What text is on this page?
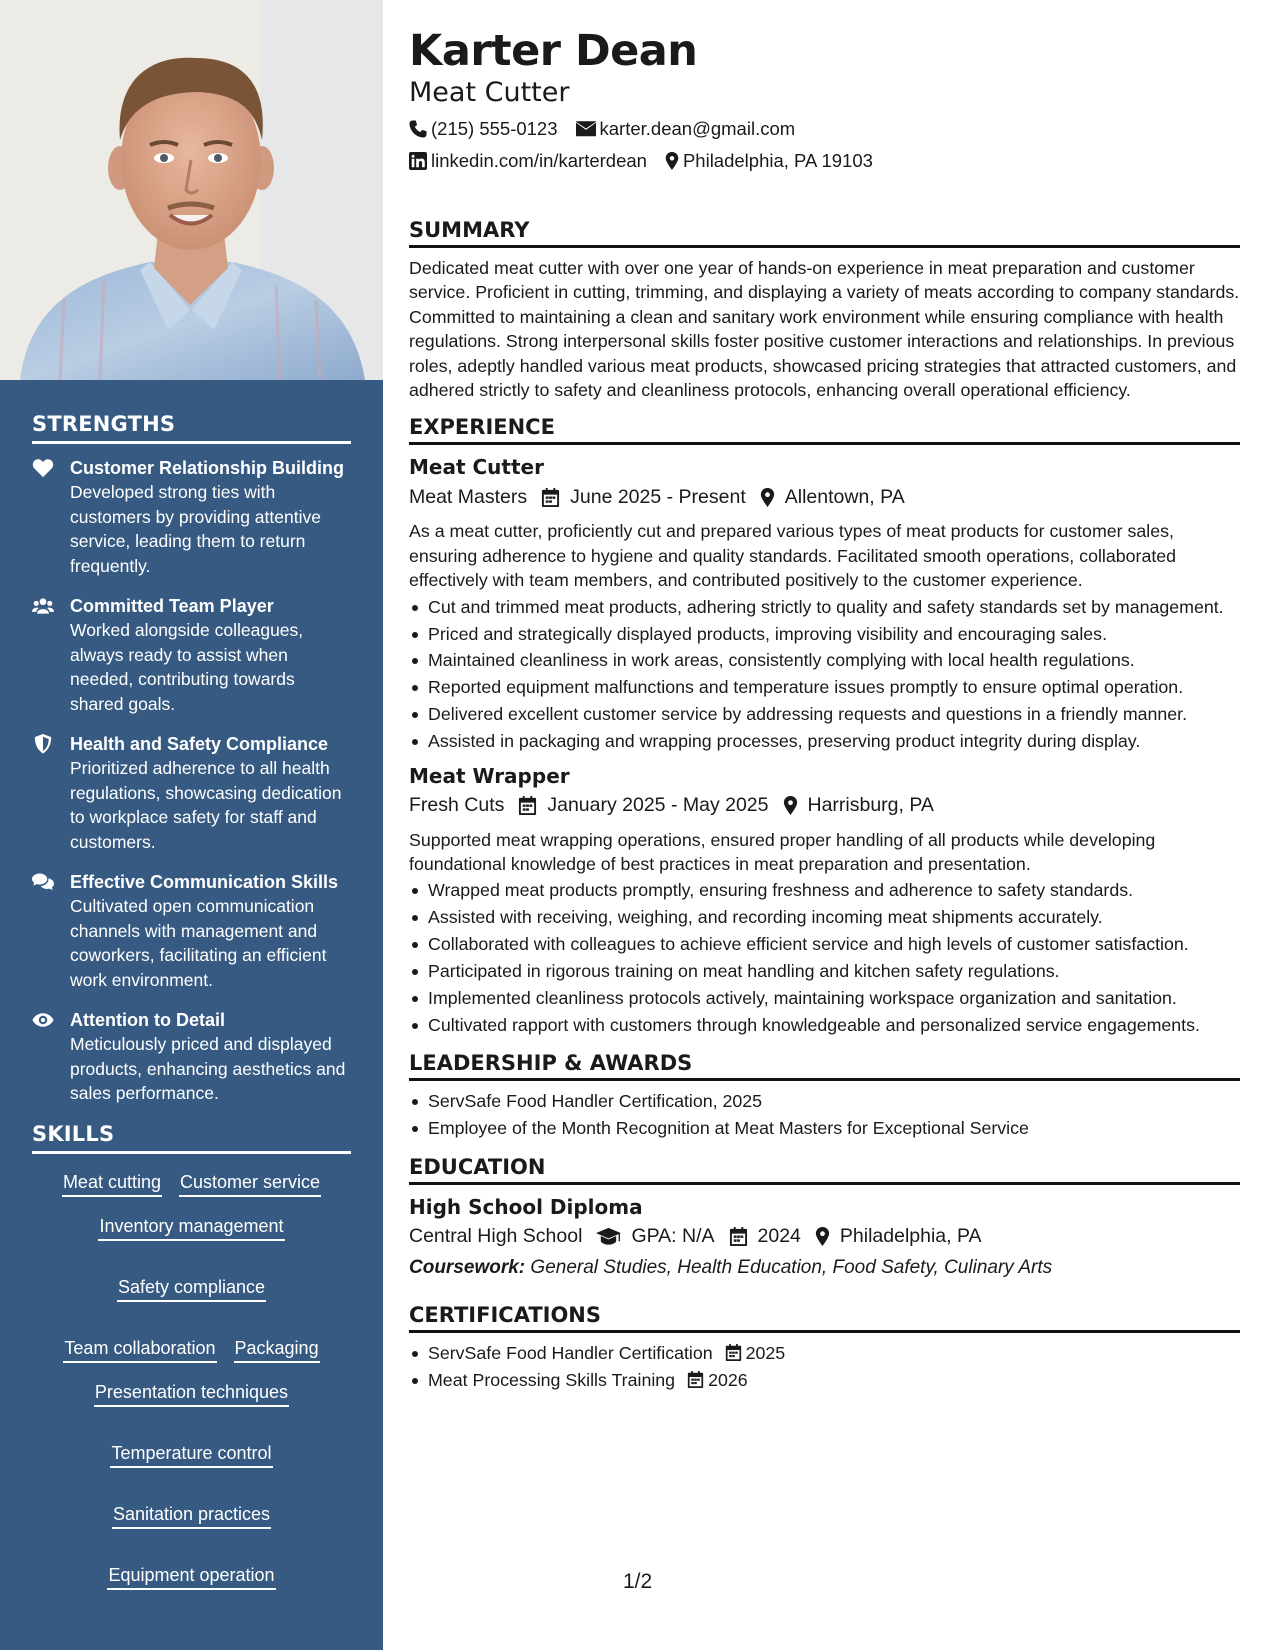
STRENGTHS
Customer Relationship Building
Developed strong ties with customers by providing attentive service, leading them to return frequently.
Committed Team Player
Worked alongside colleagues, always ready to assist when needed, contributing towards shared goals.
Health and Safety Compliance
Prioritized adherence to all health regulations, showcasing dedication to workplace safety for staff and customers.
Effective Communication Skills
Cultivated open communication channels with management and coworkers, facilitating an efficient work environment.
Attention to Detail
Meticulously priced and displayed products, enhancing aesthetics and sales performance.
SKILLS
Meat cutting Customer service
Inventory management
Safety compliance
Team collaboration Packaging
Presentation techniques
Temperature control
Sanitation practices
Equipment operation
Karter Dean
Meat Cutter
(215) 555-0123 karter.dean@gmail.com
linkedin.com/in/karterdean Philadelphia, PA 19103
SUMMARY
Dedicated meat cutter with over one year of hands-on experience in meat preparation and customer service. Proficient in cutting, trimming, and displaying a variety of meats according to company standards. Committed to maintaining a clean and sanitary work environment while ensuring compliance with health regulations. Strong interpersonal skills foster positive customer interactions and relationships. In previous roles, adeptly handled various meat products, showcased pricing strategies that attracted customers, and adhered strictly to safety and cleanliness protocols, enhancing overall operational efficiency.
EXPERIENCE
Meat Cutter
Meat Masters June 2025 - Present Allentown, PA
As a meat cutter, proficiently cut and prepared various types of meat products for customer sales, ensuring adherence to hygiene and quality standards. Facilitated smooth operations, collaborated effectively with team members, and contributed positively to the customer experience.
Cut and trimmed meat products, adhering strictly to quality and safety standards set by management.
Priced and strategically displayed products, improving visibility and encouraging sales.
Maintained cleanliness in work areas, consistently complying with local health regulations.
Reported equipment malfunctions and temperature issues promptly to ensure optimal operation.
Delivered excellent customer service by addressing requests and questions in a friendly manner.
Assisted in packaging and wrapping processes, preserving product integrity during display.
Meat Wrapper
Fresh Cuts January 2025 - May 2025 Harrisburg, PA
Supported meat wrapping operations, ensured proper handling of all products while developing foundational knowledge of best practices in meat preparation and presentation.
Wrapped meat products promptly, ensuring freshness and adherence to safety standards.
Assisted with receiving, weighing, and recording incoming meat shipments accurately.
Collaborated with colleagues to achieve efficient service and high levels of customer satisfaction.
Participated in rigorous training on meat handling and kitchen safety regulations.
Implemented cleanliness protocols actively, maintaining workspace organization and sanitation.
Cultivated rapport with customers through knowledgeable and personalized service engagements.
LEADERSHIP & AWARDS
ServSafe Food Handler Certification, 2025
Employee of the Month Recognition at Meat Masters for Exceptional Service
EDUCATION
High School Diploma
Central High School	GPA: N/A 2024 Philadelphia, PA
Coursework: General Studies, Health Education, Food Safety, Culinary Arts
CERTIFICATIONS
ServSafe Food Handler Certification 2025
Meat Processing Skills Training 2026
1/2
